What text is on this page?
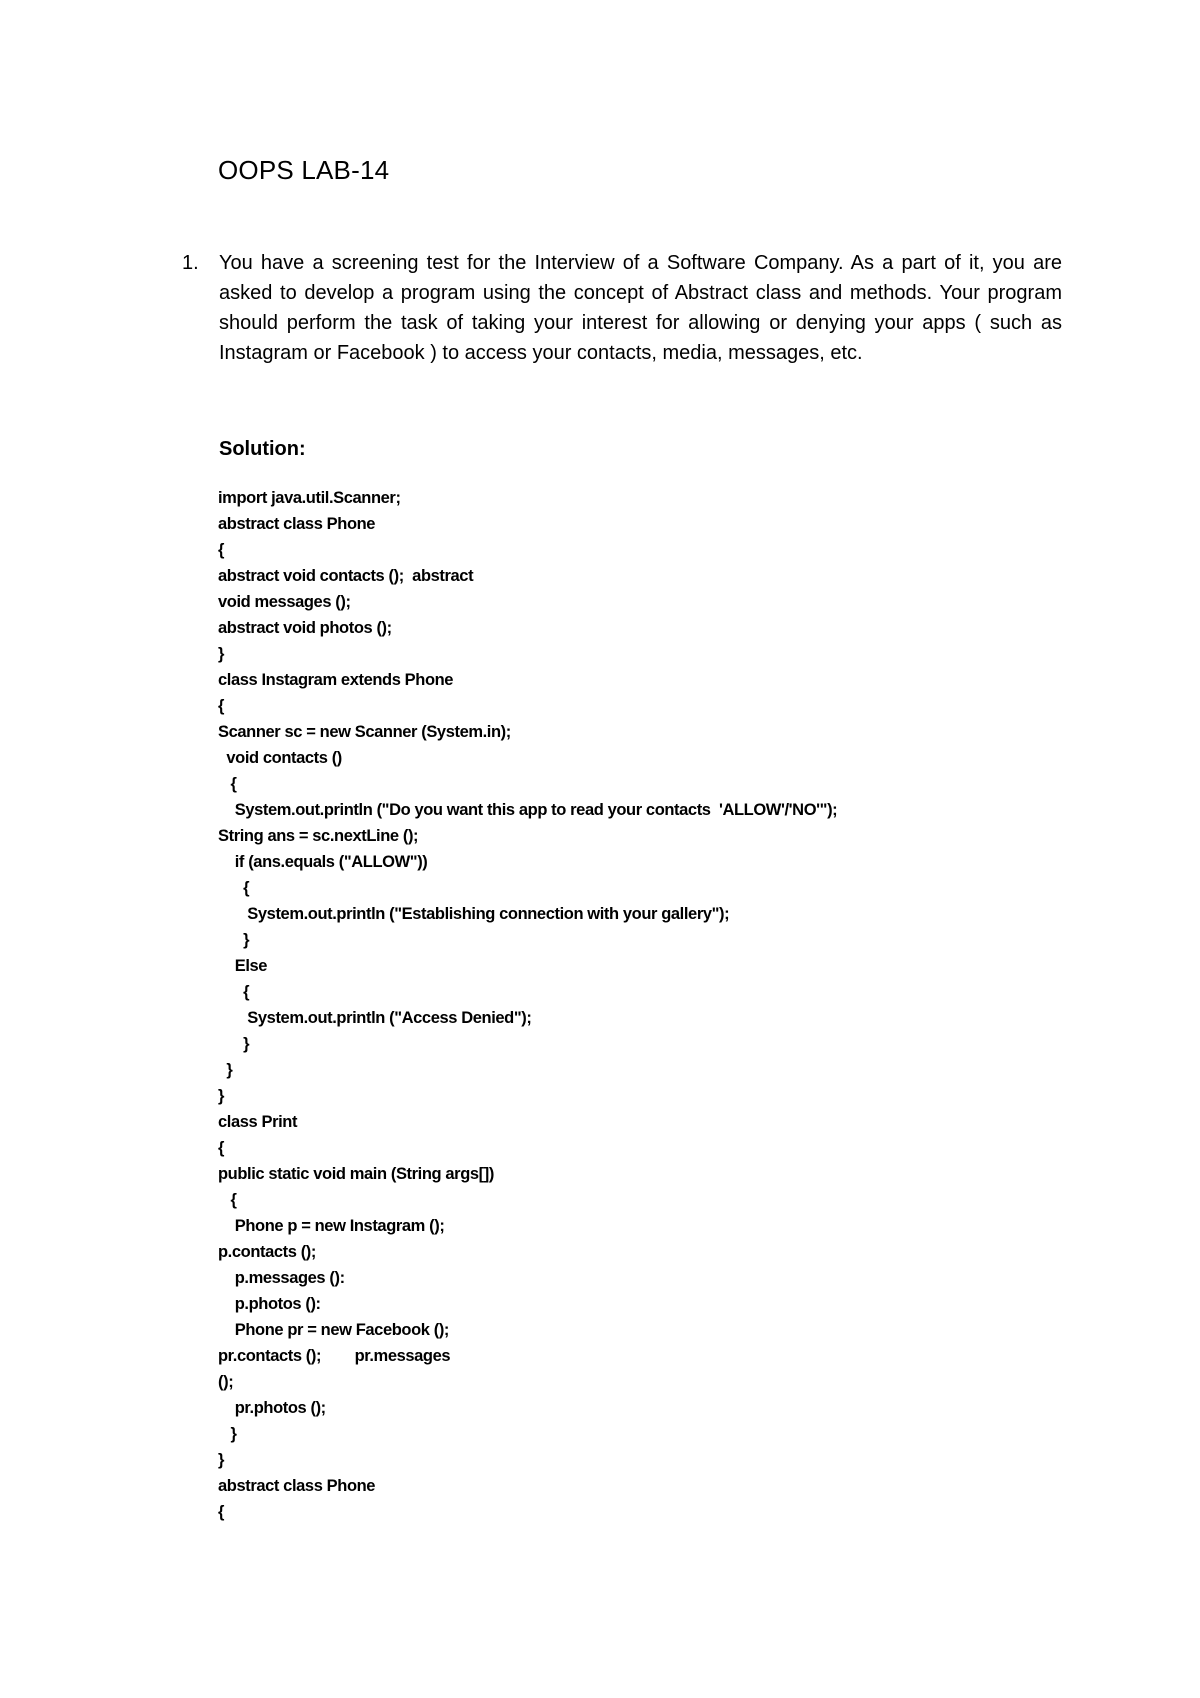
OOPS LAB-14
1. You have a screening test for the Interview of a Software Company. As a part of it, you are asked to develop a program using the concept of Abstract class and methods. Your program should perform the task of taking your interest for allowing or denying your apps ( such as Instagram or Facebook ) to access your contacts, media, messages, etc.
Solution:
import java.util.Scanner;
abstract class Phone
{
abstract void contacts ();  abstract
void messages ();
abstract void photos ();
}
class Instagram extends Phone
{
Scanner sc = new Scanner (System.in);
void contacts ()
{
System.out.println ("Do you want this app to read your contacts  'ALLOW'/'NO'");
String ans = sc.nextLine ();
if (ans.equals ("ALLOW"))
{
System.out.println ("Establishing connection with your gallery");
}
Else
{
System.out.println ("Access Denied");
}
}
}
class Print
{
public static void main (String args[])
{
Phone p = new Instagram ();
p.contacts ();
p.messages ():
p.photos ():
Phone pr = new Facebook ();
pr.contacts ();        pr.messages
();
pr.photos ();
}
}
abstract class Phone
{
